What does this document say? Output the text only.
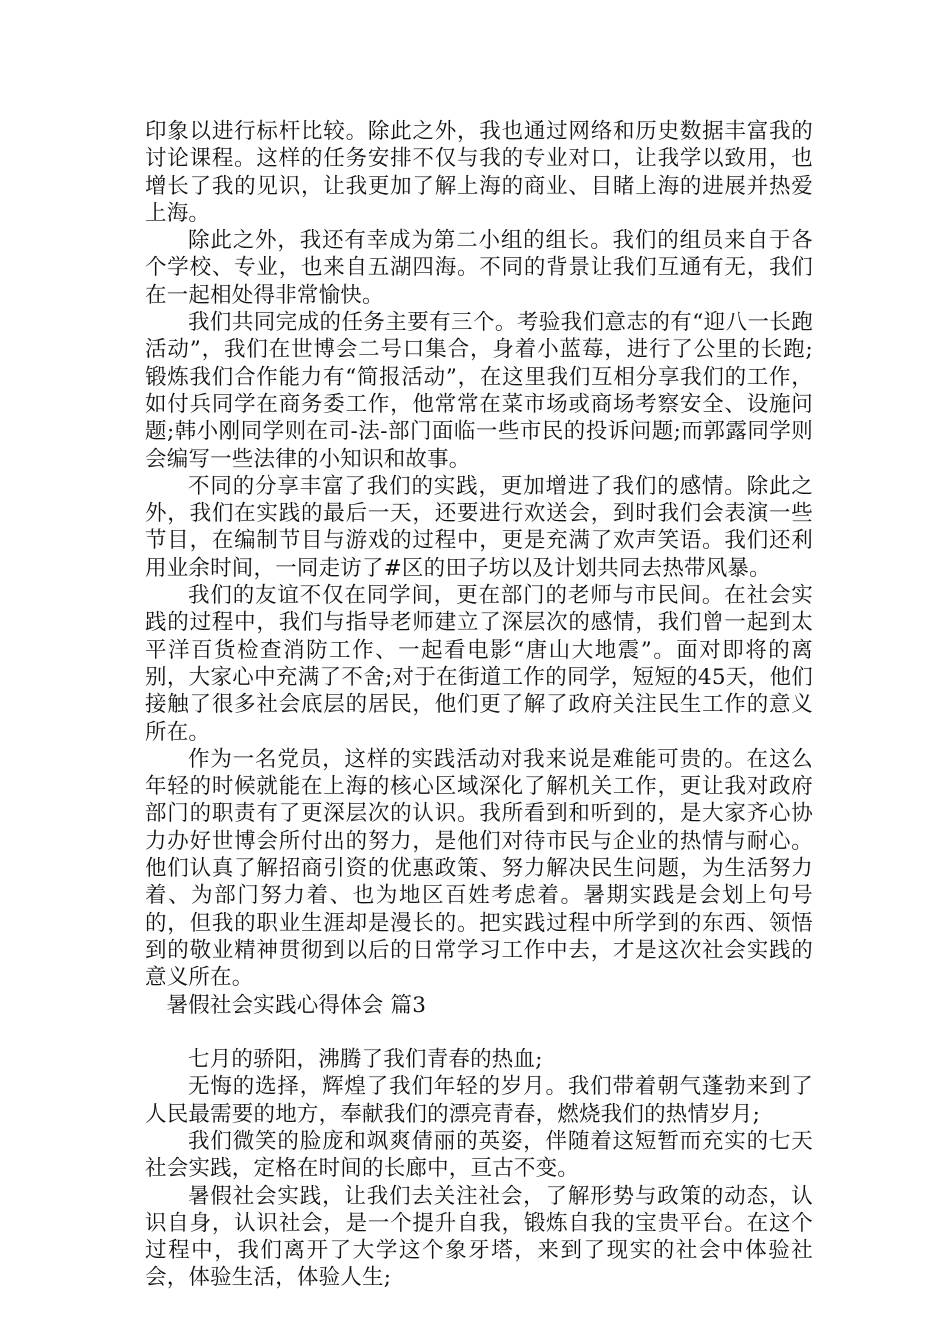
印象以进行标杆比较。除此之外，我也通过网络和历史数据丰富我的讨论课程。这样的任务安排不仅与我的专业对口，让我学以致用，也增长了我的见识，让我更加了解上海的商业、目睹上海的进展并热爱上海。

除此之外，我还有幸成为第二小组的组长。我们的组员来自于各个学校、专业，也来自五湖四海。不同的背景让我们互通有无，我们在一起相处得非常愉快。

我们共同完成的任务主要有三个。考验我们意志的有“迎八一长跑活动”，我们在世博会二号口集合，身着小蓝莓，进行了公里的长跑;锻炼我们合作能力有“简报活动”，在这里我们互相分享我们的工作，如付兵同学在商务委工作，他常常在菜市场或商场考察安全、设施问题;韩小刚同学则在司-法-部门面临一些市民的投诉问题;而郭露同学则会编写一些法律的小知识和故事。

不同的分享丰富了我们的实践，更加增进了我们的感情。除此之外，我们在实践的最后一天，还要进行欢送会，到时我们会表演一些节目，在编制节目与游戏的过程中，更是充满了欢声笑语。我们还利用业余时间，一同走访了#区的田子坊以及计划共同去热带风暴。

我们的友谊不仅在同学间，更在部门的老师与市民间。在社会实践的过程中，我们与指导老师建立了深层次的感情，我们曾一起到太平洋百货检查消防工作、一起看电影“唐山大地震”。面对即将的离别，大家心中充满了不舍;对于在街道工作的同学，短短的45天，他们接触了很多社会底层的居民，他们更了解了政府关注民生工作的意义所在。

作为一名党员，这样的实践活动对我来说是难能可贵的。在这么年轻的时候就能在上海的核心区域深化了解机关工作，更让我对政府部门的职责有了更深层次的认识。我所看到和听到的，是大家齐心协力办好世博会所付出的努力，是他们对待市民与企业的热情与耐心。他们认真了解招商引资的优惠政策、努力解决民生问题，为生活努力着、为部门努力着、也为地区百姓考虑着。暑期实践是会划上句号的，但我的职业生涯却是漫长的。把实践过程中所学到的东西、领悟到的敬业精神贯彻到以后的日常学习工作中去，才是这次社会实践的意义所在。

暑假社会实践心得体会 篇3

七月的骄阳，沸腾了我们青春的热血;

无悔的选择，辉煌了我们年轻的岁月。我们带着朝气蓬勃来到了人民最需要的地方，奉献我们的漂亮青春，燃烧我们的热情岁月;

我们微笑的脸庞和飒爽倩丽的英姿，伴随着这短暂而充实的七天社会实践，定格在时间的长廊中，亘古不变。

暑假社会实践，让我们去关注社会，了解形势与政策的动态，认识自身，认识社会，是一个提升自我，锻炼自我的宝贵平台。在这个过程中，我们离开了大学这个象牙塔，来到了现实的社会中体验社会，体验生活，体验人生;
